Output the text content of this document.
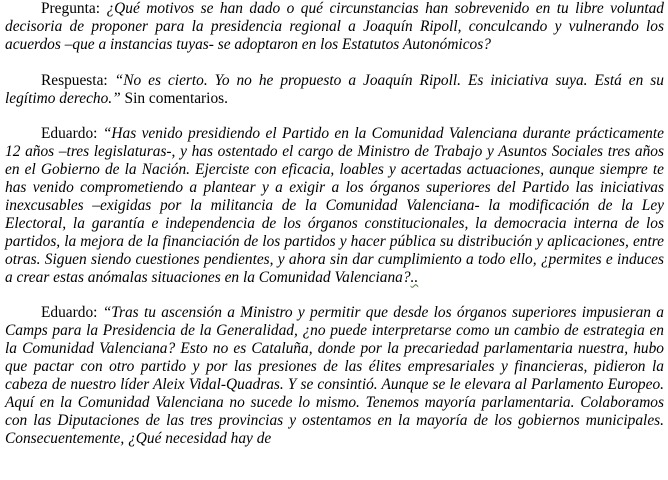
Pregunta: ¿Qué motivos se han dado o qué circunstancias han sobrevenido en tu libre voluntad decisoria de proponer para la presidencia regional a Joaquín Ripoll, conculcando y vulnerando los acuerdos –que a instancias tuyas- se adoptaron en los Estatutos Autonómicos?

Respuesta: “No es cierto. Yo no he propuesto a Joaquín Ripoll. Es iniciativa suya. Está en su legítimo derecho.” Sin comentarios.

Eduardo: “Has venido presidiendo el Partido en la Comunidad Valenciana durante prácticamente 12 años –tres legislaturas-, y has ostentado el cargo de Ministro de Trabajo y Asuntos Sociales tres años en el Gobierno de la Nación. Ejerciste con eficacia, loables y acertadas actuaciones, aunque siempre te has venido comprometiendo a plantear y a exigir a los órganos superiores del Partido las iniciativas inexcusables –exigidas por la militancia de la Comunidad Valenciana- la modificación de la Ley Electoral, la garantía e independencia de los órganos constitucionales, la democracia interna de los partidos, la mejora de la financiación de los partidos y hacer pública su distribución y aplicaciones, entre otras. Siguen siendo cuestiones pendientes, y ahora sin dar cumplimiento a todo ello, ¿permites e induces a crear estas anómalas situaciones en la Comunidad Valenciana?..

Eduardo: “Tras tu ascensión a Ministro y permitir que desde los órganos superiores impusieran a Camps para la Presidencia de la Generalidad, ¿no puede interpretarse como un cambio de estrategia en la Comunidad Valenciana? Esto no es Cataluña, donde por la precariedad parlamentaria nuestra, hubo que pactar con otro partido y por las presiones de las élites empresariales y financieras, pidieron la cabeza de nuestro líder Aleix Vidal-Quadras. Y se consintió. Aunque se le elevara al Parlamento Europeo. Aquí en la Comunidad Valenciana no sucede lo mismo. Tenemos mayoría parlamentaria. Colaboramos con las Diputaciones de las tres provincias y ostentamos en la mayoría de los gobiernos municipales. Consecuentemente, ¿Qué necesidad hay de
